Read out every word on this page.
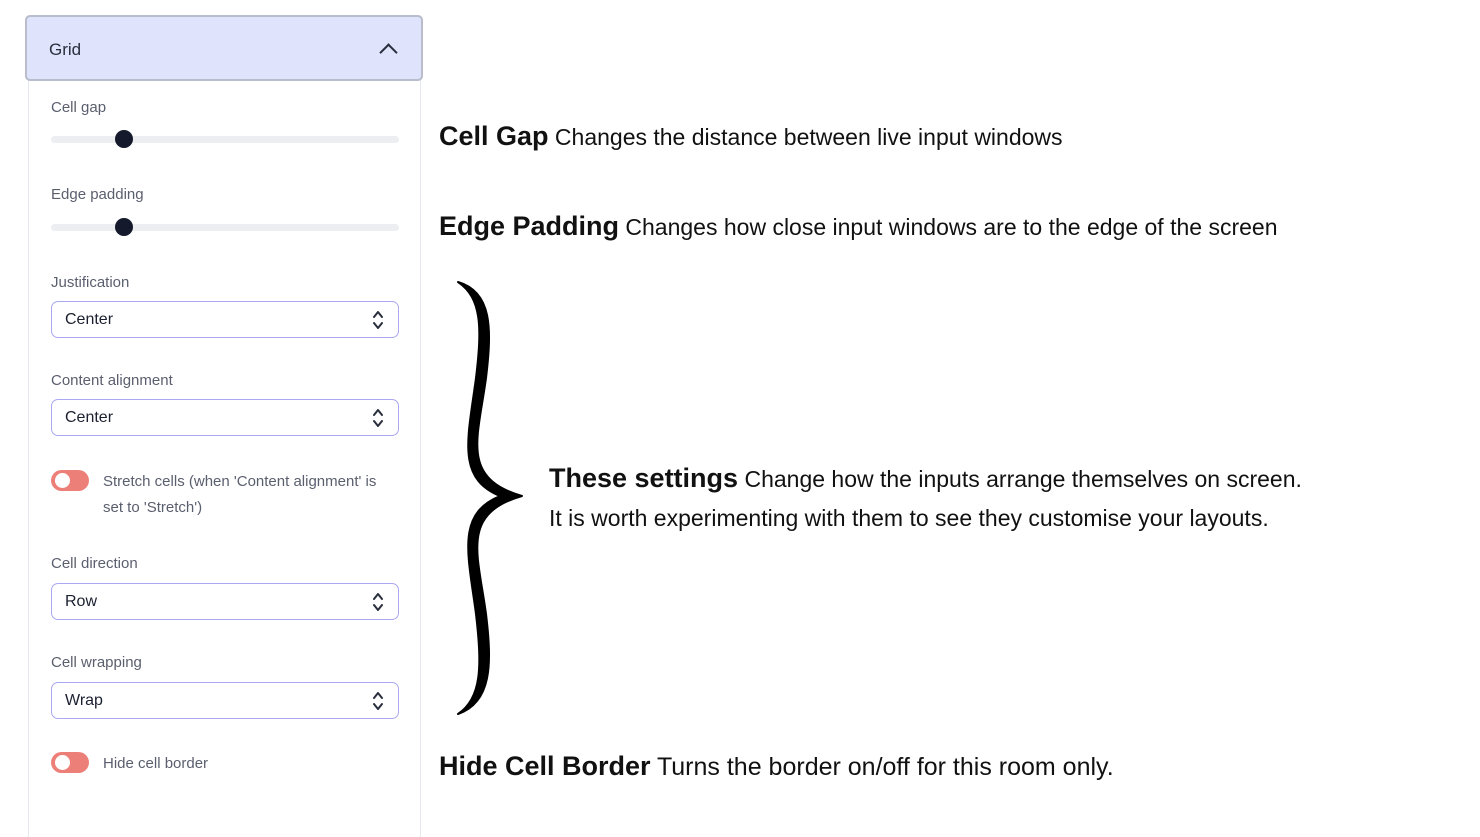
Grid
Cell gap
Edge padding
Justification
Center
Content alignment
Center
Stretch cells (when 'Content alignment' is
set to 'Stretch')
Cell direction
Row
Cell wrapping
Wrap
Hide cell border
Cell Gap Changes the distance between live input windows
Edge Padding Changes how close input windows are to the edge of the screen
These settings Change how the inputs arrange themselves on screen.
It is worth experimenting with them to see they customise your layouts.
Hide Cell Border Turns the border on/off for this room only.
